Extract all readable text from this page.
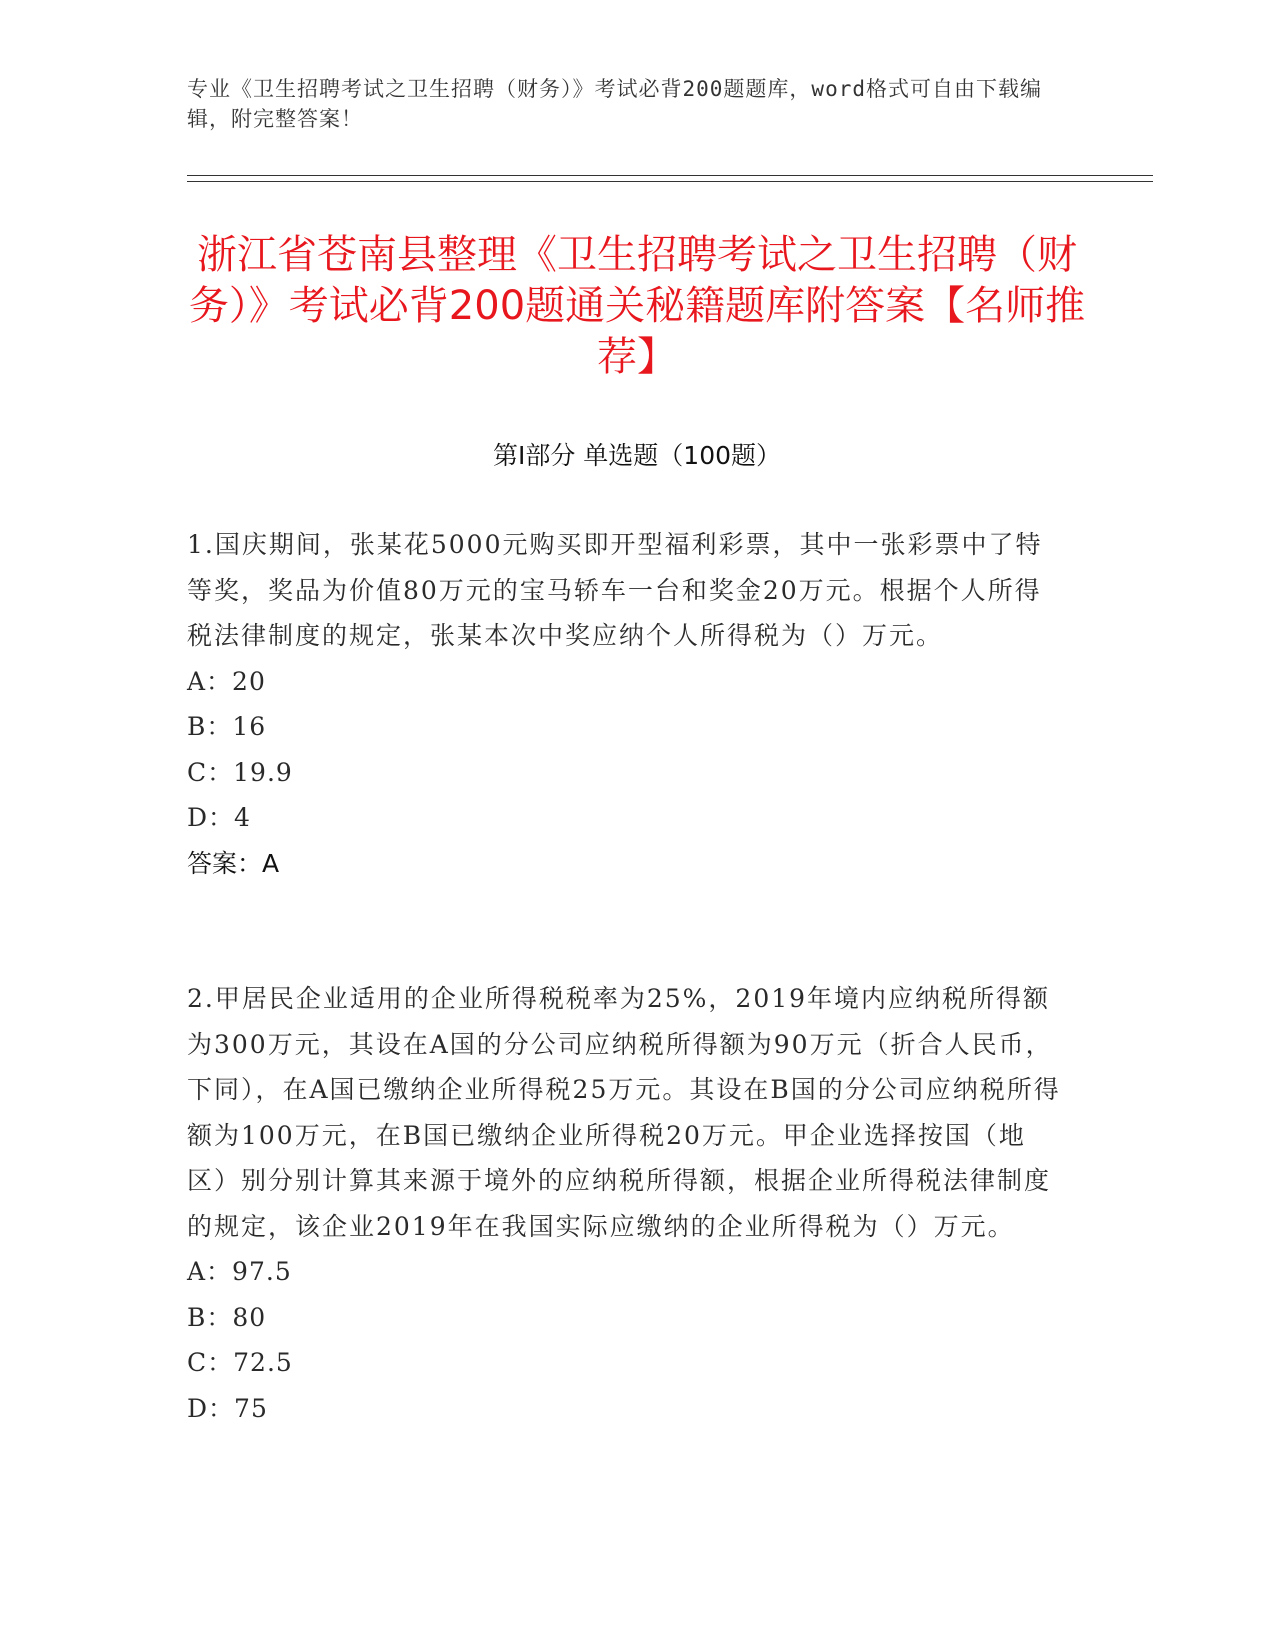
专业《卫生招聘考试之卫生招聘（财务）》考试必背200题题库，word格式可自由下载编辑，附完整答案！
浙江省苍南县整理《卫生招聘考试之卫生招聘（财务）》考试必背200题通关秘籍题库附答案【名师推荐】
第I部分 单选题（100题）

1.国庆期间，张某花5000元购买即开型福利彩票，其中一张彩票中了特等奖，奖品为价值80万元的宝马轿车一台和奖金20万元。根据个人所得税法律制度的规定，张某本次中奖应纳个人所得税为（）万元。

A：20

B：16

C：19.9

D：4

答案：A

2.甲居民企业适用的企业所得税税率为25%，2019年境内应纳税所得额为300万元，其设在A国的分公司应纳税所得额为90万元（折合人民币，下同），在A国已缴纳企业所得税25万元。其设在B国的分公司应纳税所得额为100万元，在B国已缴纳企业所得税20万元。甲企业选择按国（地区）别分别计算其来源于境外的应纳税所得额，根据企业所得税法律制度的规定，该企业2019年在我国实际应缴纳的企业所得税为（）万元。

A：97.5

B：80

C：72.5

D：75
